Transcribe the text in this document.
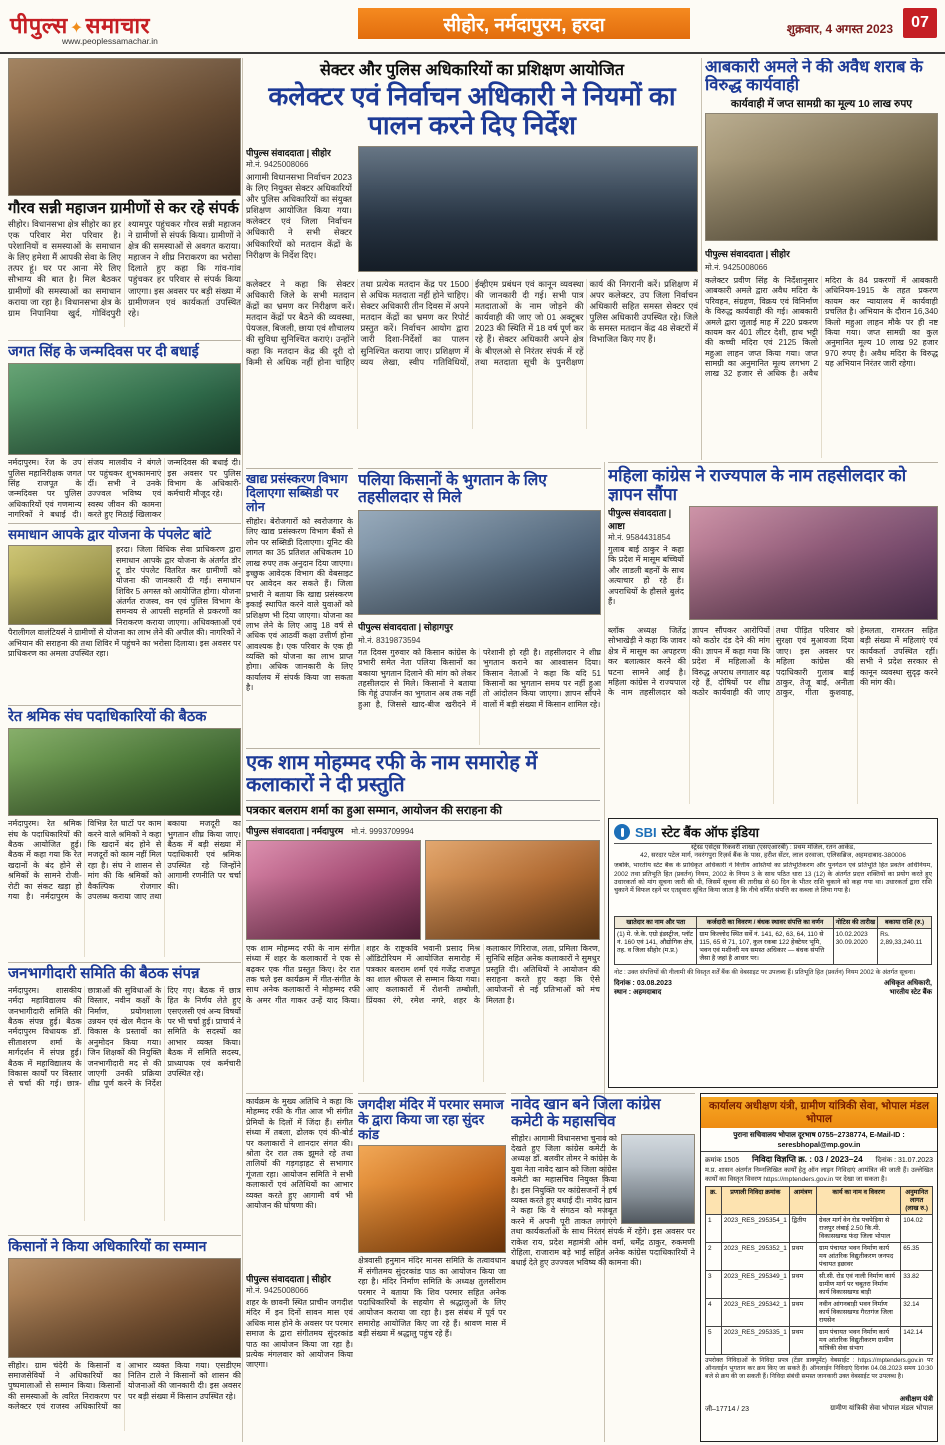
पीपुल्स ✦समाचार
www.peoplessamachar.in
सीहोर, नर्मदापुरम, हरदा	शुक्रवार, 4 अगस्त 2023	07
गौरव सन्नी महाजन ग्रामीणों से कर रहे संपर्क
सीहोर। विधानसभा क्षेत्र सीहोर का हर एक परिवार मेरा परिवार है। परेशानियों व समस्याओं के समाधान के लिए हमेशा मैं आपकी सेवा के लिए तत्पर हूं। घर पर आना मेरे लिए सौभाग्य की बात है। मिल बैठकर ग्रामीणों की समस्याओं का समाधान कराया जा रहा है। विधानसभा क्षेत्र के ग्राम निपानिया खुर्द, गोविंदपुरी श्यामपुर पहुंचकर गौरव सन्नी महाजन ने ग्रामीणों से संपर्क किया। ग्रामीणों ने क्षेत्र की समस्याओं से अवगत कराया। महाजन ने शीघ्र निराकरण का भरोसा दिलाते हुए कहा कि गांव-गांव पहुंचकर हर परिवार से संपर्क किया जाएगा। इस अवसर पर बड़ी संख्या में ग्रामीणजन एवं कार्यकर्ता उपस्थित रहे।
जगत सिंह के जन्मदिवस पर दी बधाई
नर्मदापुरम। रेंज के उप पुलिस महानिरीक्षक जगत सिंह राजपूत के जन्मदिवस पर पुलिस अधिकारियों एवं गणमान्य नागरिकों ने बधाई दी। संजय मालवीय ने बंगले पर पहुंचकर शुभकामनाएं दीं। सभी ने उनके उज्ज्वल भविष्य एवं स्वस्थ जीवन की कामना करते हुए मिठाई खिलाकर जन्मदिवस की बधाई दी। इस अवसर पर पुलिस विभाग के अधिकारी-कर्मचारी मौजूद रहे।
समाधान आपके द्वार योजना के पंपलेट बांटे
हरदा। जिला विधिक सेवा प्राधिकरण द्वारा समाधान आपके द्वार योजना के अंतर्गत डोर टू डोर पंपलेट वितरित कर ग्रामीणों को योजना की जानकारी दी गई। समाधान शिविर 5 अगस्त को आयोजित होगा। योजना अंतर्गत राजस्व, वन एवं पुलिस विभाग के समन्वय से आपसी सहमति से प्रकरणों का निराकरण कराया जाएगा। अधिवक्ताओं एवं पैरालीगल वालंटियर्स ने ग्रामीणों से योजना का लाभ लेने की अपील की। नागरिकों ने अभियान की सराहना की तथा शिविर में पहुंचने का भरोसा दिलाया। इस अवसर पर प्राधिकरण का अमला उपस्थित रहा।
रेत श्रमिक संघ पदाधिकारियों की बैठक
नर्मदापुरम। रेत श्रमिक संघ के पदाधिकारियों की बैठक आयोजित हुई। बैठक में कहा गया कि रेत खदानों के बंद होने से श्रमिकों के सामने रोजी-रोटी का संकट खड़ा हो गया है। नर्मदापुरम के विभिन्न रेत घाटों पर काम करने वाले श्रमिकों ने कहा कि खदानें बंद होने से मजदूरों को काम नहीं मिल रहा है। संघ ने शासन से मांग की कि श्रमिकों को वैकल्पिक रोजगार उपलब्ध कराया जाए तथा बकाया मजदूरी का भुगतान शीघ्र किया जाए। बैठक में बड़ी संख्या में पदाधिकारी एवं श्रमिक उपस्थित रहे जिन्होंने आगामी रणनीति पर चर्चा की।
जनभागीदारी समिति की बैठक संपन्न
नर्मदापुरम। शासकीय नर्मदा महाविद्यालय की जनभागीदारी समिति की बैठक संपन्न हुई। बैठक नर्मदापुरम विधायक डॉ. सीताशरण शर्मा के मार्गदर्शन में संपन्न हुई। बैठक में महाविद्यालय के विकास कार्यों पर विस्तार से चर्चा की गई। छात्र-छात्राओं की सुविधाओं के विस्तार, नवीन कक्षों के निर्माण, प्रयोगशाला उन्नयन एवं खेल मैदान के विकास के प्रस्तावों का अनुमोदन किया गया। जिन शिक्षकों की नियुक्ति जनभागीदारी मद से की जाएगी उनकी प्रक्रिया शीघ्र पूर्ण करने के निर्देश दिए गए। बैठक में छात्र हित के निर्णय लेते हुए एसएलसी एवं अन्य विषयों पर भी चर्चा हुई। प्राचार्य ने समिति के सदस्यों का आभार व्यक्त किया। बैठक में समिति सदस्य, प्राध्यापक एवं कर्मचारी उपस्थित रहे।
किसानों ने किया अधिकारियों का सम्मान
सीहोर। ग्राम चंदेरी के किसानों व समाजसेवियों ने अधिकारियों का पुष्पमालाओं से सम्मान किया। किसानों की समस्याओं के त्वरित निराकरण पर कलेक्टर एवं राजस्व अधिकारियों का आभार व्यक्त किया गया। एसडीएम नितिन टाले ने किसानों को शासन की योजनाओं की जानकारी दी। इस अवसर पर बड़ी संख्या में किसान उपस्थित रहे।
सेक्टर और पुलिस अधिकारियों का प्रशिक्षण आयोजित
कलेक्टर एवं निर्वाचन अधिकारी ने नियमों का पालन करने दिए निर्देश
पीपुल्स संवाददाता | सीहोर
मो.नं. 9425008066
आगामी विधानसभा निर्वाचन 2023 के लिए नियुक्त सेक्टर अधिकारियों और पुलिस अधिकारियों का संयुक्त प्रशिक्षण आयोजित किया गया। कलेक्टर एवं जिला निर्वाचन अधिकारी ने सभी सेक्टर अधिकारियों को मतदान केंद्रों के निरीक्षण के निर्देश दिए।
कलेक्टर ने कहा कि सेक्टर अधिकारी जिले के सभी मतदान केंद्रों का भ्रमण कर निरीक्षण करें। मतदान केंद्रों पर बैठने की व्यवस्था, पेयजल, बिजली, छाया एवं शौचालय की सुविधा सुनिश्चित कराएं। उन्होंने कहा कि मतदान केंद्र की दूरी दो किमी से अधिक नहीं होना चाहिए तथा प्रत्येक मतदान केंद्र पर 1500 से अधिक मतदाता नहीं होने चाहिए। सेक्टर अधिकारी तीन दिवस में अपने मतदान केंद्रों का भ्रमण कर रिपोर्ट प्रस्तुत करें। निर्वाचन आयोग द्वारा जारी दिशा-निर्देशों का पालन सुनिश्चित कराया जाए। प्रशिक्षण में व्यय लेखा, स्वीप गतिविधियों, ईव्हीएम प्रबंधन एवं कानून व्यवस्था की जानकारी दी गई। सभी पात्र मतदाताओं के नाम जोड़ने की कार्यवाही की जाए जो 01 अक्टूबर 2023 की स्थिति में 18 वर्ष पूर्ण कर रहे हैं। सेक्टर अधिकारी अपने क्षेत्र के बीएलओ से निरंतर संपर्क में रहें तथा मतदाता सूची के पुनरीक्षण कार्य की निगरानी करें। प्रशिक्षण में अपर कलेक्टर, उप जिला निर्वाचन अधिकारी सहित समस्त सेक्टर एवं पुलिस अधिकारी उपस्थित रहे। जिले के समस्त मतदान केंद्र 48 सेक्टरों में विभाजित किए गए हैं।
आबकारी अमले ने की अवैध शराब के विरुद्ध कार्यवाही
कार्यवाही में जप्त सामग्री का मूल्य 10 लाख रुपए
पीपुल्स संवाददाता | सीहोर
मो.नं. 9425008066
कलेक्टर प्रवीण सिंह के निर्देशानुसार आबकारी अमले द्वारा अवैध मदिरा के परिवहन, संग्रहण, विक्रय एवं विनिर्माण के विरुद्ध कार्यवाही की गई। आबकारी अमले द्वारा जुलाई माह में 220 प्रकरण कायम कर 401 लीटर देशी, हाथ भट्टी की कच्ची मदिरा एवं 2125 किलो महुआ लाहन जप्त किया गया। जप्त सामग्री का अनुमानित मूल्य लगभग 2 लाख 32 हजार से अधिक है। अवैध मदिरा के 84 प्रकरणों में आबकारी अधिनियम-1915 के तहत प्रकरण कायम कर न्यायालय में कार्यवाही प्रचलित है। अभियान के दौरान 16,340 किलो महुआ लाहन मौके पर ही नष्ट किया गया। जप्त सामग्री का कुल अनुमानित मूल्य 10 लाख 92 हजार 970 रुपए है। अवैध मदिरा के विरुद्ध यह अभियान निरंतर जारी रहेगा।
खाद्य प्रसंस्करण विभाग दिलाएगा सब्सिडी पर लोन
सीहोर। बेरोजगारों को स्वरोजगार के लिए खाद्य प्रसंस्करण विभाग बैंकों से लोन पर सब्सिडी दिलाएगा। यूनिट की लागत का 35 प्रतिशत अधिकतम 10 लाख रुपए तक अनुदान दिया जाएगा। इच्छुक आवेदक विभाग की वेबसाइट पर आवेदन कर सकते हैं। जिला प्रभारी ने बताया कि खाद्य प्रसंस्करण इकाई स्थापित करने वाले युवाओं को प्रशिक्षण भी दिया जाएगा। योजना का लाभ लेने के लिए आयु 18 वर्ष से अधिक एवं आठवीं कक्षा उत्तीर्ण होना आवश्यक है। एक परिवार के एक ही व्यक्ति को योजना का लाभ प्राप्त होगा। अधिक जानकारी के लिए कार्यालय में संपर्क किया जा सकता है।
पलिया किसानों के भुगतान के लिए तहसीलदार से मिले
पीपुल्स संवाददाता | सोहागपुर
मो.नं. 8319873594
गत दिवस गुरुवार को किसान कांग्रेस के प्रभारी समेत नेता पलिया किसानों का बकाया भुगतान दिलाने की मांग को लेकर तहसीलदार से मिले। किसानों ने बताया कि गेहूं उपार्जन का भुगतान अब तक नहीं हुआ है, जिससे खाद-बीज खरीदने में परेशानी हो रही है। तहसीलदार ने शीघ्र भुगतान कराने का आश्वासन दिया। किसान नेताओं ने कहा कि यदि 51 किसानों का भुगतान समय पर नहीं हुआ तो आंदोलन किया जाएगा। ज्ञापन सौंपने वालों में बड़ी संख्या में किसान शामिल रहे।
महिला कांग्रेस ने राज्यपाल के नाम तहसीलदार को ज्ञापन सौंपा
पीपुल्स संवाददाता | आष्टा
मो.नं. 9584431854
गुलाब बाई ठाकुर ने कहा कि प्रदेश में मासूम बच्चियों और लाडली बहनों के साथ अत्याचार हो रहे हैं। अपराधियों के हौसले बुलंद हैं।
ब्लॉक अध्यक्ष जितेंद्र सोभाखेड़ी ने कहा कि जावर क्षेत्र में मासूम का अपहरण कर बलात्कार करने की घटना सामने आई है। महिला कांग्रेस ने राज्यपाल के नाम तहसीलदार को ज्ञापन सौंपकर आरोपियों को कठोर दंड देने की मांग की। ज्ञापन में कहा गया कि प्रदेश में महिलाओं के विरुद्ध अपराध लगातार बढ़ रहे हैं, दोषियों पर शीघ्र कठोर कार्यवाही की जाए तथा पीड़ित परिवार को सुरक्षा एवं मुआवजा दिया जाए। इस अवसर पर महिला कांग्रेस की पदाधिकारी गुलाब बाई ठाकुर, तेजू बाई, अनीता ठाकुर, गीता कुशवाह, हेमलता, रामरतन सहित बड़ी संख्या में महिलाएं एवं कार्यकर्ता उपस्थित रहीं। सभी ने प्रदेश सरकार से कानून व्यवस्था सुदृढ़ करने की मांग की।
एक शाम मोहम्मद रफी के नाम समारोह में कलाकारों ने दी प्रस्तुति
पत्रकार बलराम शर्मा का हुआ सम्मान, आयोजन की सराहना की
पीपुल्स संवाददाता | नर्मदापुरम मो.नं. 9993709994
एक शाम मोहम्मद रफी के नाम संगीत संध्या में शहर के कलाकारों ने एक से बढ़कर एक गीत प्रस्तुत किए। देर रात तक चले इस कार्यक्रम में गीत-संगीत के साथ अनेक कलाकारों ने मोहम्मद रफी के अमर गीत गाकर उन्हें याद किया। शहर के राष्ट्रकवि भवानी प्रसाद मिश्र ऑडिटोरियम में आयोजित समारोह में पत्रकार बलराम शर्मा एवं गजेंद्र राजपूत का शाल श्रीफल से सम्मान किया गया। आए कलाकारों में रोशनी तम्बोली, प्रिंयका रंगे, रमेश नगरे, शहर के कलाकार गिरिराज, लता, प्रमिला किरण, सुनिधि सहित अनेक कलाकारों ने सुमधुर प्रस्तुति दी। अतिथियों ने आयोजन की सराहना करते हुए कहा कि ऐसे आयोजनों से नई प्रतिभाओं को मंच मिलता है।
SBI स्टेट बैंक ऑफ इंडिया
स्ट्रेस्ड एसेट्स रिकवरी शाखा (एसएआरबी) : प्रथम मंजिल, रतन आर्केड,
42, सरदार पटेल मार्ग, नवरंगपुरा रिज़र्व बैंक के पास, हरीश सेंटर, लाल दरवाजा, एलिसब्रिज, अहमदाबाद-380006
जबकि, भारतीय स्टेट बैंक के प्राधिकृत अधिकारी ने वित्तीय आस्तियों का प्रतिभूतिकरण और पुनर्गठन एवं प्रतिभूति हित प्रवर्तन अधिनियम, 2002 तथा प्रतिभूति हित (प्रवर्तन) नियम, 2002 के नियम 3 के साथ पठित धारा 13 (12) के अंतर्गत प्रदत्त शक्तियों का प्रयोग करते हुए उधारकर्ता को मांग सूचना जारी की थी, जिसमें सूचना की तारीख से 60 दिन के भीतर राशि चुकाने को कहा गया था। उधारकर्ता द्वारा राशि चुकाने में विफल रहने पर एतद्द्वारा सूचित किया जाता है कि नीचे वर्णित संपत्ति का कब्जा ले लिया गया है।
खातेदार का नाम और पता	कर्जदारी का विवरण / बंधक स्थावर संपत्ति का वर्णन	नोटिस की तारीख	बकाया राशि (रु.)
(1) मे. जे.के. एग्रो इंडस्ट्रीज, प्लॉट नं. 160 एवं 141, औद्योगिक क्षेत्र, तह. व जिला सीहोर (म.प्र.)	ग्राम किल्लोद स्थित सर्वे नं. 141, 62, 63, 64, 110 से 115, 65 से 71, 107, कुल रकबा 122 हेक्टेयर भूमि, भवन एवं मशीनरी मय समस्त अधिकार — बंधक संपत्ति जैसा है जहां है आधार पर।	10.02.2023
30.09.2020	Rs. 2,89,33,240.11
नोट : उक्त संपत्तियों की नीलामी की विस्तृत शर्तें बैंक की वेबसाइट पर उपलब्ध हैं। प्रतिभूति हित (प्रवर्तन) नियम 2002 के अंतर्गत सूचना।
दिनांक : 03.08.2023
स्थान : अहमदाबाद
अधिकृत अधिकारी,
भारतीय स्टेट बैंक
कार्यक्रम के मुख्य अतिथि ने कहा कि मोहम्मद रफी के गीत आज भी संगीत प्रेमियों के दिलों में जिंदा हैं। संगीत संध्या में तबला, ढोलक एवं की-बोर्ड पर कलाकारों ने शानदार संगत की। श्रोता देर रात तक झूमते रहे तथा तालियों की गड़गड़ाहट से सभागार गूंजता रहा। आयोजन समिति ने सभी कलाकारों एवं अतिथियों का आभार व्यक्त करते हुए आगामी वर्ष भी आयोजन की घोषणा की।
पीपुल्स संवाददाता | सीहोर
मो.नं. 9425008066
शहर के छावनी स्थित प्राचीन जगदीश मंदिर में इन दिनों सावन मास एवं अधिक मास होने के अवसर पर परमार समाज के द्वारा संगीतमय सुंदरकांड पाठ का आयोजन किया जा रहा है। प्रत्येक मंगलवार को आयोजन किया जाएगा।
जगदीश मंदिर में परमार समाज के द्वारा किया जा रहा सुंदर कांड
क्षेत्रवासी हनुमान मंदिर मानस समिति के तत्वावधान में संगीतमय सुंदरकांड पाठ का आयोजन किया जा रहा है। मंदिर निर्माण समिति के अध्यक्ष तुलसीराम परमार ने बताया कि शिव परमार सहित अनेक पदाधिकारियों के सहयोग से श्रद्धालुओं के लिए आयोजन कराया जा रहा है। इस संबंध में पूर्व पर समारोह आयोजित किए जा रहे हैं। श्रावण मास में बड़ी संख्या में श्रद्धालु पहुंच रहे हैं।
नावेद खान बने जिला कांग्रेस कमेटी के महासचिव
सीहोर। आगामी विधानसभा चुनाव को देखते हुए जिला कांग्रेस कमेटी के अध्यक्ष डॉ. बलवीर तोमर ने कांग्रेस के युवा नेता नावेद खान को जिला कांग्रेस कमेटी का महासचिव नियुक्त किया है। इस नियुक्ति पर कांग्रेसजनों ने हर्ष व्यक्त करते हुए बधाई दी। नावेद खान ने कहा कि वे संगठन को मजबूत करने में अपनी पूरी ताकत लगाएंगे तथा कार्यकर्ताओं के साथ निरंतर संपर्क में रहेंगे। इस अवसर पर राकेश राय, प्रदेश महामंत्री ओम वर्मा, धर्मेंद्र ठाकुर, रुकमणी रोहिला, राजाराम बड़े भाई सहित अनेक कांग्रेस पदाधिकारियों ने बधाई देते हुए उज्ज्वल भविष्य की कामना की।
कार्यालय अधीक्षण यंत्री, ग्रामीण यांत्रिकी सेवा, भोपाल मंडल भोपाल
पुराना सचिवालय भोपाल दूरभाष 0755–2738774, E-Mail-ID : seresbhopal@mp.gov.in
क्रमांक 1505 निविदा विज्ञप्ति क्र. : 03 / 2023–24 दिनांक : 31.07.2023
म.प्र. शासन अंतर्गत निम्नलिखित कार्यों हेतु ऑन लाइन निविदाएं आमंत्रित की जाती हैं। उल्लेखित कार्यों का विस्तृत विवरण https://mptenders.gov.in पर देखा जा सकता है।
क्र.	प्रणाली निविदा क्रमांक	आमंत्रण	कार्य का नाम व विवरण	अनुमानित लागत (लाख रु.)
1	2023_RES_295354_1	द्वितीय	ग्रेवल मार्ग वेन रोड पचपेड़िया से राजपुर लंबाई 2.50 कि.मी. विकासखण्ड फंदा जिला भोपाल	104.02
2	2023_RES_295352_1	प्रथम	ग्राम पंचायत भवन निर्माण कार्य मय आंतरिक विद्युतीकरण जनपद पंचायत इछावर	65.35
3	2023_RES_295349_1	प्रथम	सी.सी. रोड एवं नाली निर्माण कार्य ग्रामीण मार्ग पर चबूतरा निर्माण कार्य विकासखण्ड बाड़ी	33.82
4	2023_RES_295342_1	प्रथम	नवीन आंगनबाड़ी भवन निर्माण कार्य विकासखण्ड गैरतगंज जिला रायसेन	32.14
5	2023_RES_295335_1	प्रथम	ग्राम पंचायत भवन निर्माण कार्य मय आंतरिक विद्युतीकरण ग्रामीण यांत्रिकी सेवा संभाग	142.14
उपरोक्त निविदाओं के निविदा प्रपत्र (टेंडर डाक्यूमेंट) वेबसाईट : https://mptenders.gov.in पर ऑनलाईन भुगतान कर क्रय किए जा सकते हैं। ऑनलाईन निविदाएं दिनांक 04.08.2023 समय 10:30 बजे से क्रय की जा सकती हैं। निविदा संबंधी समस्त जानकारी उक्त वेबसाईट पर उपलब्ध है।
जी–17714 / 23
अधीक्षण यंत्री
ग्रामीण यांत्रिकी सेवा भोपाल मंडल भोपाल
